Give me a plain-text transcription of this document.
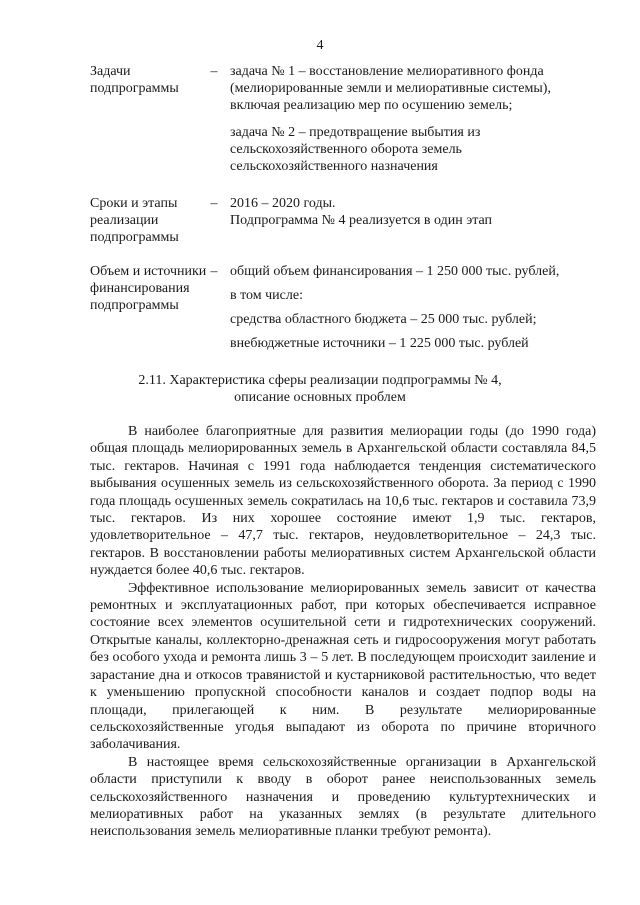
4
Задачи подпрограммы
– задача № 1 – восстановление мелиоративного фонда (мелиорированные земли и мелиоративные системы), включая реализацию мер по осушению земель;

задача № 2 – предотвращение выбытия из сельскохозяйственного оборота земель сельскохозяйственного назначения

Сроки и этапы реализации подпрограммы
– 2016 – 2020 годы.

Подпрограмма № 4 реализуется в один этап

Объем и источники финансирования подпрограммы
– общий объем финансирования – 1 250 000 тыс. рублей,

в том числе:

средства областного бюджета – 25 000 тыс. рублей;

внебюджетные источники – 1 225 000 тыс. рублей

2.11. Характеристика сферы реализации подпрограммы № 4,
описание основных проблем

В наиболее благоприятные для развития мелиорации годы (до 1990 года) общая площадь мелиорированных земель в Архангельской области составляла 84,5 тыс. гектаров. Начиная с 1991 года наблюдается тенденция систематического выбывания осушенных земель из сельскохозяйственного оборота. За период с 1990 года площадь осушенных земель сократилась на 10,6 тыс. гектаров и составила 73,9 тыс. гектаров. Из них хорошее состояние имеют 1,9 тыс. гектаров, удовлетворительное – 47,7 тыс. гектаров, неудовлетворительное – 24,3 тыс. гектаров. В восстановлении работы мелиоративных систем Архангельской области нуждается более 40,6 тыс. гектаров.

Эффективное использование мелиорированных земель зависит от качества ремонтных и эксплуатационных работ, при которых обеспечивается исправное состояние всех элементов осушительной сети и гидротехнических сооружений. Открытые каналы, коллекторно-дренажная сеть и гидросооружения могут работать без особого ухода и ремонта лишь 3 – 5 лет. В последующем происходит заиление и зарастание дна и откосов травянистой и кустарниковой растительностью, что ведет к уменьшению пропускной способности каналов и создает подпор воды на площади, прилегающей к ним. В результате мелиорированные сельскохозяйственные угодья выпадают из оборота по причине вторичного заболачивания.

В настоящее время сельскохозяйственные организации в Архангельской области приступили к вводу в оборот ранее неиспользованных земель сельскохозяйственного назначения и проведению культуртехнических и мелиоративных работ на указанных землях (в результате длительного неиспользования земель мелиоративные планки требуют ремонта).
